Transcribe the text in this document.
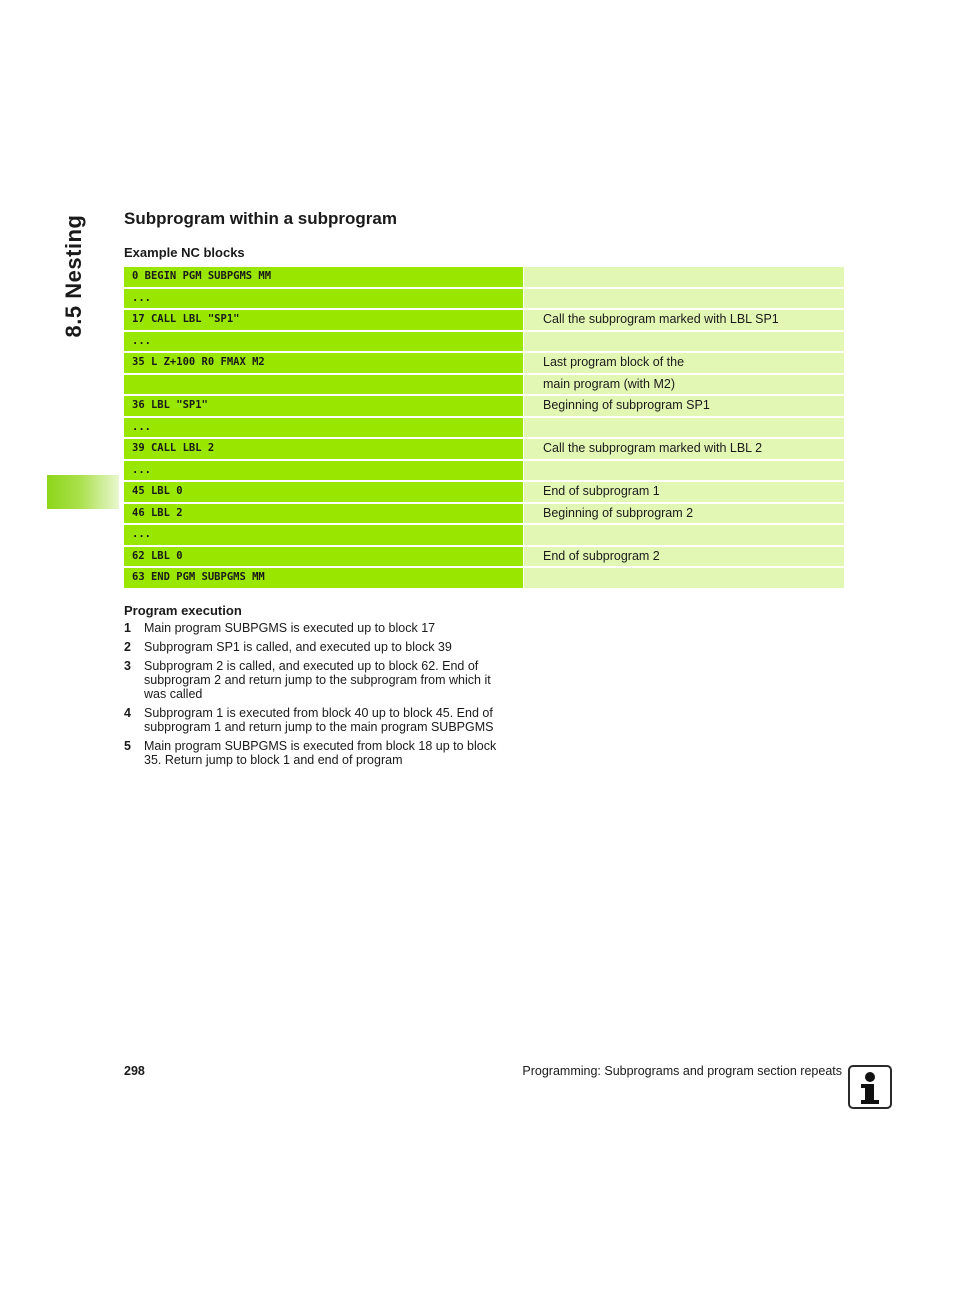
8.5 Nesting Subprogram within a subprogram
Example NC blocks
0 BEGIN PGM SUBPGMS MM
...
17 CALL LBL "SP1"	Call the subprogram marked with LBL SP1
...
35 L Z+100 R0 FMAX M2	Last program block of the
main program (with M2)
36 LBL "SP1"	Beginning of subprogram SP1
...
39 CALL LBL 2	Call the subprogram marked with LBL 2
...
45 LBL 0	End of subprogram 1
46 LBL 2	Beginning of subprogram 2
...
62 LBL 0	End of subprogram 2
63 END PGM SUBPGMS MM
Program execution
1	Main program SUBPGMS is executed up to block 17
2	Subprogram SP1 is called, and executed up to block 39
3	Subprogram 2 is called, and executed up to block 62. End of subprogram 2 and return jump to the subprogram from which it was called
4	Subprogram 1 is executed from block 40 up to block 45. End of subprogram 1 and return jump to the main program SUBPGMS
5	Main program SUBPGMS is executed from block 18 up to block 35. Return jump to block 1 and end of program
298	Programming: Subprograms and program section repeats
